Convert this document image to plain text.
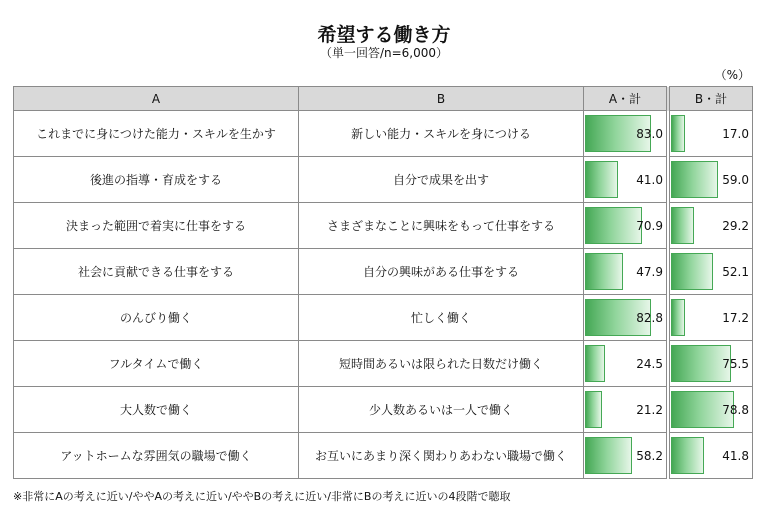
希望する働き方
（単一回答/n=6,000）
（%）
A	B	A・計		B・計
これまでに身につけた能力・スキルを生かす	新しい能力・スキルを身につける	83.0		17.0

後進の指導・育成をする	自分で成果を出す	41.0		59.0

決まった範囲で着実に仕事をする	さまざまなことに興味をもって仕事をする	70.9		29.2

社会に貢献できる仕事をする	自分の興味がある仕事をする	47.9		52.1

のんびり働く	忙しく働く	82.8		17.2

フルタイムで働く	短時間あるいは限られた日数だけ働く	24.5		75.5

大人数で働く	少人数あるいは一人で働く	21.2		78.8

アットホームな雰囲気の職場で働く	お互いにあまり深く関わりあわない職場で働く	58.2		41.8
※非常にAの考えに近い/ややAの考えに近い/ややBの考えに近い/非常にBの考えに近いの4段階で聴取
